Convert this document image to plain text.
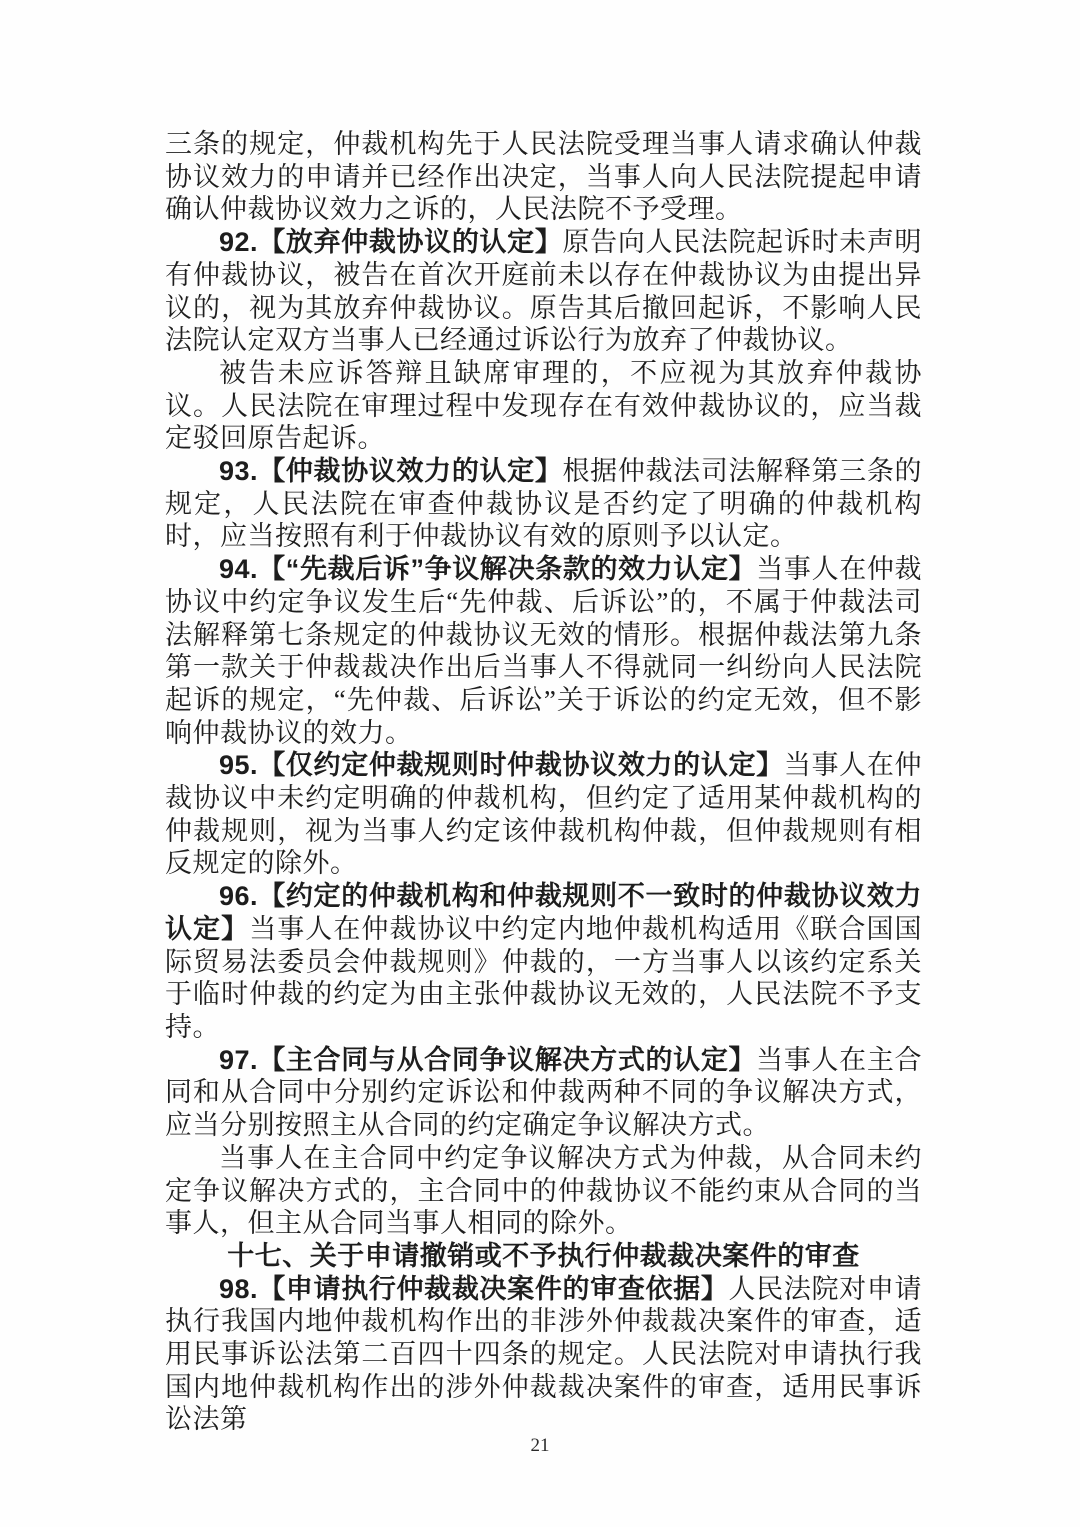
三条的规定，仲裁机构先于人民法院受理当事人请求确认仲裁协议效力的申请并已经作出决定，当事人向人民法院提起申请确认仲裁协议效力之诉的，人民法院不予受理。

92.【放弃仲裁协议的认定】原告向人民法院起诉时未声明有仲裁协议，被告在首次开庭前未以存在仲裁协议为由提出异议的，视为其放弃仲裁协议。原告其后撤回起诉，不影响人民法院认定双方当事人已经通过诉讼行为放弃了仲裁协议。

被告未应诉答辩且缺席审理的，不应视为其放弃仲裁协议。人民法院在审理过程中发现存在有效仲裁协议的，应当裁定驳回原告起诉。

93.【仲裁协议效力的认定】根据仲裁法司法解释第三条的规定，人民法院在审查仲裁协议是否约定了明确的仲裁机构时，应当按照有利于仲裁协议有效的原则予以认定。

94.【“先裁后诉”争议解决条款的效力认定】当事人在仲裁协议中约定争议发生后“先仲裁、后诉讼”的，不属于仲裁法司法解释第七条规定的仲裁协议无效的情形。根据仲裁法第九条第一款关于仲裁裁决作出后当事人不得就同一纠纷向人民法院起诉的规定，“先仲裁、后诉讼”关于诉讼的约定无效，但不影响仲裁协议的效力。

95.【仅约定仲裁规则时仲裁协议效力的认定】当事人在仲裁协议中未约定明确的仲裁机构，但约定了适用某仲裁机构的仲裁规则，视为当事人约定该仲裁机构仲裁，但仲裁规则有相反规定的除外。

96.【约定的仲裁机构和仲裁规则不一致时的仲裁协议效力认定】当事人在仲裁协议中约定内地仲裁机构适用《联合国国际贸易法委员会仲裁规则》仲裁的，一方当事人以该约定系关于临时仲裁的约定为由主张仲裁协议无效的，人民法院不予支持。

97.【主合同与从合同争议解决方式的认定】当事人在主合同和从合同中分别约定诉讼和仲裁两种不同的争议解决方式，应当分别按照主从合同的约定确定争议解决方式。

当事人在主合同中约定争议解决方式为仲裁，从合同未约定争议解决方式的，主合同中的仲裁协议不能约束从合同的当事人，但主从合同当事人相同的除外。

十七、关于申请撤销或不予执行仲裁裁决案件的审查

98.【申请执行仲裁裁决案件的审查依据】人民法院对申请执行我国内地仲裁机构作出的非涉外仲裁裁决案件的审查，适用民事诉讼法第二百四十四条的规定。人民法院对申请执行我国内地仲裁机构作出的涉外仲裁裁决案件的审查，适用民事诉讼法第

21
